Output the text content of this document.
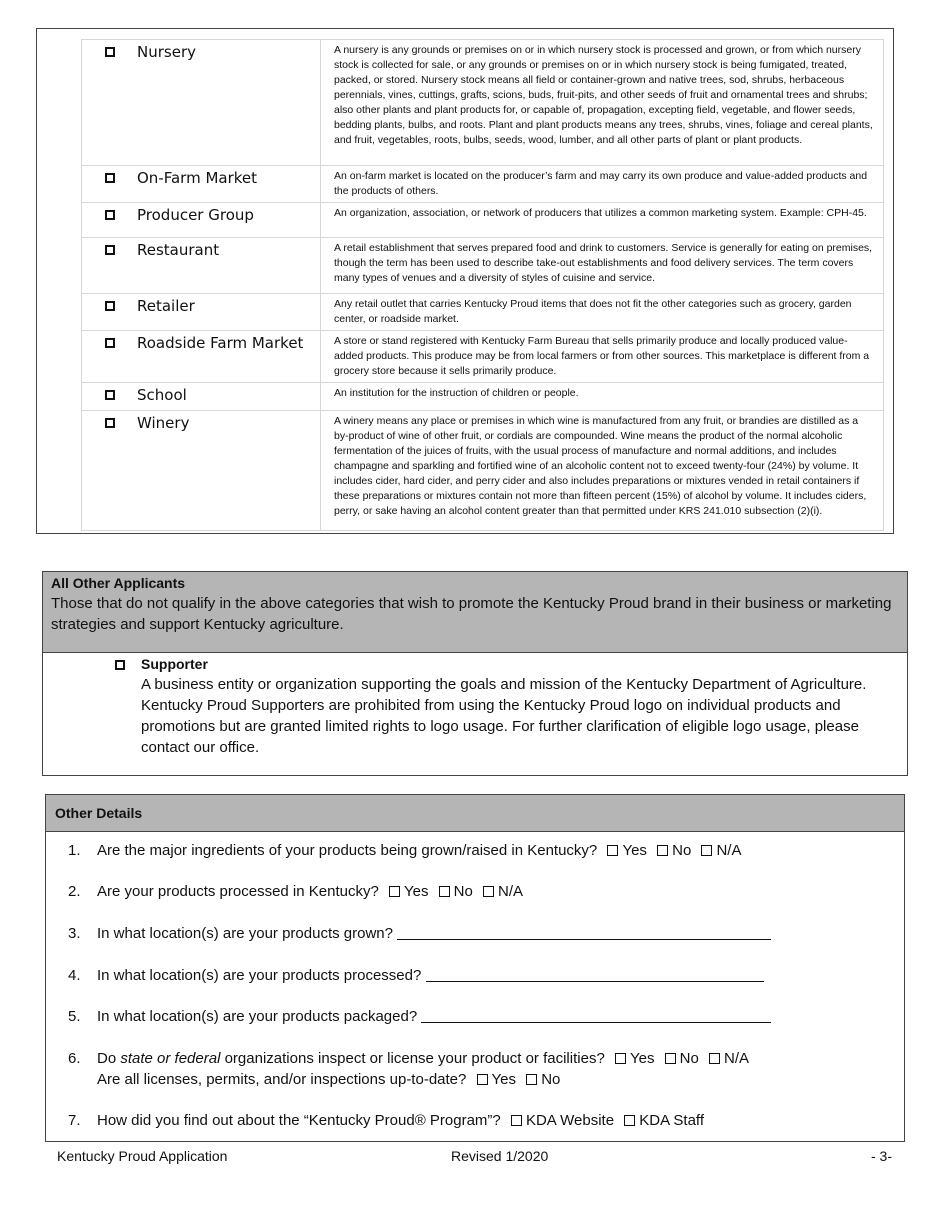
Nursery	A nursery is any grounds or premises on or in which nursery stock is processed and grown, or from which nursery stock is collected for sale, or any grounds or premises on or in which nursery stock is being fumigated, treated, packed, or stored. Nursery stock means all field or container-grown and native trees, sod, shrubs, herbaceous perennials, vines, cuttings, grafts, scions, buds, fruit-pits, and other seeds of fruit and ornamental trees and shrubs; also other plants and plant products for, or capable of, propagation, excepting field, vegetable, and flower seeds, bedding plants, bulbs, and roots. Plant and plant products means any trees, shrubs, vines, foliage and cereal plants, and fruit, vegetables, roots, bulbs, seeds, wood, lumber, and all other parts of plant or plant products.
On-Farm Market	An on-farm market is located on the producer’s farm and may carry its own produce and value-added products and the products of others.
Producer Group	An organization, association, or network of producers that utilizes a common marketing system. Example: CPH-45.
Restaurant	A retail establishment that serves prepared food and drink to customers. Service is generally for eating on premises, though the term has been used to describe take-out establishments and food delivery services. The term covers many types of venues and a diversity of styles of cuisine and service.
Retailer	Any retail outlet that carries Kentucky Proud items that does not fit the other categories such as grocery, garden center, or roadside market.
Roadside Farm Market	A store or stand registered with Kentucky Farm Bureau that sells primarily produce and locally produced value-added products. This produce may be from local farmers or from other sources. This marketplace is different from a grocery store because it sells primarily produce.
School	An institution for the instruction of children or people.
Winery	A winery means any place or premises in which wine is manufactured from any fruit, or brandies are distilled as a by-product of wine of other fruit, or cordials are compounded. Wine means the product of the normal alcoholic fermentation of the juices of fruits, with the usual process of manufacture and normal additions, and includes champagne and sparkling and fortified wine of an alcoholic content not to exceed twenty-four (24%) by volume. It includes cider, hard cider, and perry cider and also includes preparations or mixtures vended in retail containers if these preparations or mixtures contain not more than fifteen percent (15%) of alcohol by volume. It includes ciders, perry, or sake having an alcohol content greater than that permitted under KRS 241.010 subsection (2)(i).
All Other Applicants
Those that do not qualify in the above categories that wish to promote the Kentucky Proud brand in their business or marketing strategies and support Kentucky agriculture.
Supporter
A business entity or organization supporting the goals and mission of the Kentucky Department of Agriculture. Kentucky Proud Supporters are prohibited from using the Kentucky Proud logo on individual products and promotions but are granted limited rights to logo usage. For further clarification of eligible logo usage, please contact our office.
Other Details
1. Are the major ingredients of your products being grown/raised in Kentucky? Yes No N/A
2. Are your products processed in Kentucky? Yes No N/A
3. In what location(s) are your products grown?
4. In what location(s) are your products processed?
5. In what location(s) are your products packaged?
6. Do state or federal organizations inspect or license your product or facilities? Yes No N/A
Are all licenses, permits, and/or inspections up-to-date? Yes No
7. How did you find out about the “Kentucky Proud® Program”? KDA Website KDA Staff
Kentucky Proud Application	Revised 1/2020	- 3-
